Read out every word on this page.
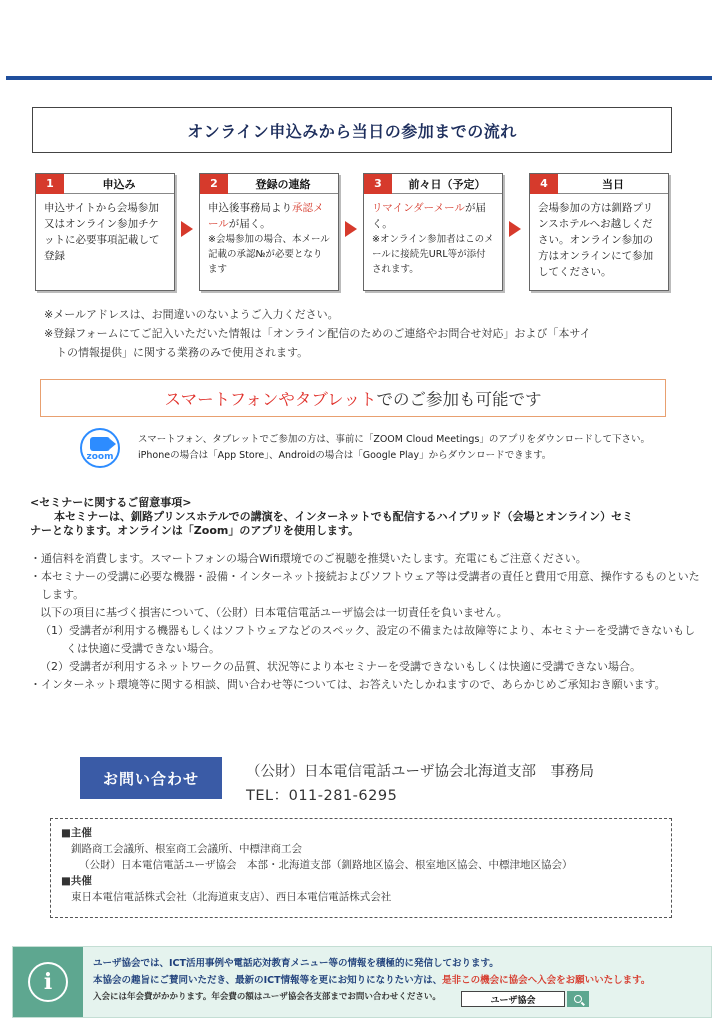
オンライン申込みから当日の参加までの流れ
1	申込み
申込サイトから会場参加又はオンライン参加チケットに必要事項記載して登録
2	登録の連絡
申込後事務局より承認メールが届く。
※会場参加の場合、本メール記載の承認№が必要となります
3	前々日（予定）
リマインダーメールが届く。
※オンライン参加者はこのメールに接続先URL等が添付されます。
4	当日
会場参加の方は釧路プリンスホテルへお越しください。オンライン参加の方はオンラインにて参加してください。

※メールアドレスは、お間違いのないようご入力ください。

※登録フォームにてご記入いただいた情報は「オンライン配信のためのご連絡やお問合せ対応」および「本サイ

トの情報提供」に関する業務のみで使用されます。

スマートフォンやタブレットでのご参加も可能です
zoom

スマートフォン、タブレットでご参加の方は、事前に「ZOOM Cloud Meetings」のアプリをダウンロードして下さい。

iPhoneの場合は「App Store」、Androidの場合は「Google Play」からダウンロードできます。

<セミナーに関するご留意事項>

本セミナーは、釧路プリンスホテルでの講演を、インターネットでも配信するハイブリッド（会場とオンライン）セミ

ナーとなります。オンラインは「Zoom」のアプリを使用します。

・通信料を消費します。スマートフォンの場合Wifi環境でのご視聴を推奨いたします。充電にもご注意ください。

・本セミナーの受講に必要な機器・設備・インターネット接続およびソフトウェア等は受講者の責任と費用で用意、操作するものといたします。

以下の項目に基づく損害について、（公財）日本電信電話ユーザ協会は一切責任を負いません。

（1）受講者が利用する機器もしくはソフトウェアなどのスペック、設定の不備または故障等により、本セミナーを受講できないもしくは快適に受講できない場合。

（2）受講者が利用するネットワークの品質、状況等により本セミナーを受講できないもしくは快適に受講できない場合。

・インターネット環境等に関する相談、問い合わせ等については、お答えいたしかねますので、あらかじめご承知おき願います。

お問い合わせ	（公財）日本電信電話ユーザ協会北海道支部　事務局
TEL：011-281-6295

■主催

釧路商工会議所、根室商工会議所、中標津商工会

（公財）日本電信電話ユーザ協会　本部・北海道支部（釧路地区協会、根室地区協会、中標津地区協会）

■共催

東日本電信電話株式会社（北海道東支店）、西日本電信電話株式会社

i

ユーザ協会では、ICT活用事例や電話応対教育メニュー等の情報を積極的に発信しております。

本協会の趣旨にご賛同いただき、最新のICT情報等を更にお知りになりたい方は、是非この機会に協会へ入会をお願いいたします。

入会には年会費がかかります。年会費の額はユーザ協会各支部までお問い合わせください。	ユーザ協会
